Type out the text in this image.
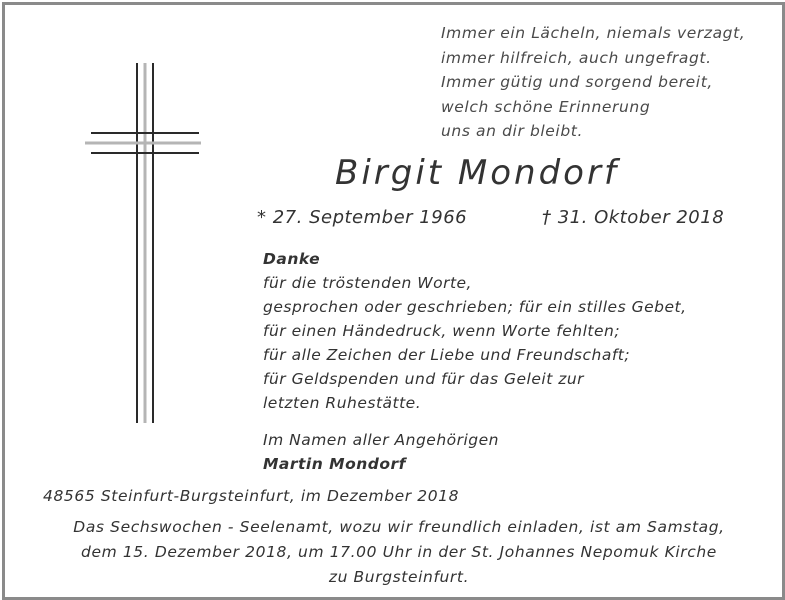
Immer ein Lächeln, niemals verzagt,
immer hilfreich, auch ungefragt.
Immer gütig und sorgend bereit,
welch schöne Erinnerung
uns an dir bleibt.
Birgit Mondorf
* 27. September 1966	† 31. Oktober 2018
Danke
für die tröstenden Worte,
gesprochen oder geschrieben; für ein stilles Gebet,
für einen Händedruck, wenn Worte fehlten;
für alle Zeichen der Liebe und Freundschaft;
für Geldspenden und für das Geleit zur
letzten Ruhestätte.
Im Namen aller Angehörigen
Martin Mondorf
48565 Steinfurt-Burgsteinfurt, im Dezember 2018
Das Sechswochen - Seelenamt, wozu wir freundlich einladen, ist am Samstag,
dem 15. Dezember 2018, um 17.00 Uhr in der St. Johannes Nepomuk Kirche
zu Burgsteinfurt.
